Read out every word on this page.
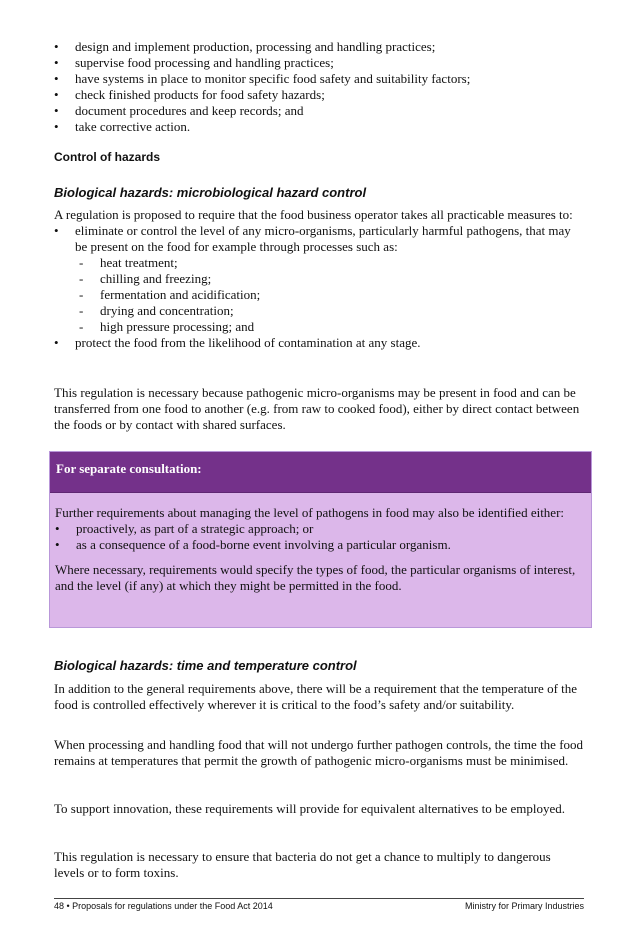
• design and implement production, processing and handling practices;
• supervise food processing and handling practices;
• have systems in place to monitor specific food safety and suitability factors;
• check finished products for food safety hazards;
• document procedures and keep records; and
• take corrective action.
Control of hazards
Biological hazards: microbiological hazard control

A regulation is proposed to require that the food business operator takes all practicable measures to:

• eliminate or control the level of any micro-organisms, particularly harmful pathogens, that may be present on the food for example through processes such as:
- heat treatment;
- chilling and freezing;
- fermentation and acidification;
- drying and concentration;
- high pressure processing; and
• protect the food from the likelihood of contamination at any stage.

This regulation is necessary because pathogenic micro-organisms may be present in food and can be transferred from one food to another (e.g. from raw to cooked food), either by direct contact between the foods or by contact with shared surfaces.

For separate consultation:

Further requirements about managing the level of pathogens in food may also be identified either:

• proactively, as part of a strategic approach; or
• as a consequence of a food-borne event involving a particular organism.

Where necessary, requirements would specify the types of food, the particular organisms of interest, and the level (if any) at which they might be permitted in the food.

Biological hazards: time and temperature control

In addition to the general requirements above, there will be a requirement that the temperature of the food is controlled effectively wherever it is critical to the food’s safety and/or suitability.

When processing and handling food that will not undergo further pathogen controls, the time the food remains at temperatures that permit the growth of pathogenic micro-organisms must be minimised.

To support innovation, these requirements will provide for equivalent alternatives to be employed.

This regulation is necessary to ensure that bacteria do not get a chance to multiply to dangerous levels or to form toxins.

48 • Proposals for regulations under the Food Act 2014	Ministry for Primary Industries
